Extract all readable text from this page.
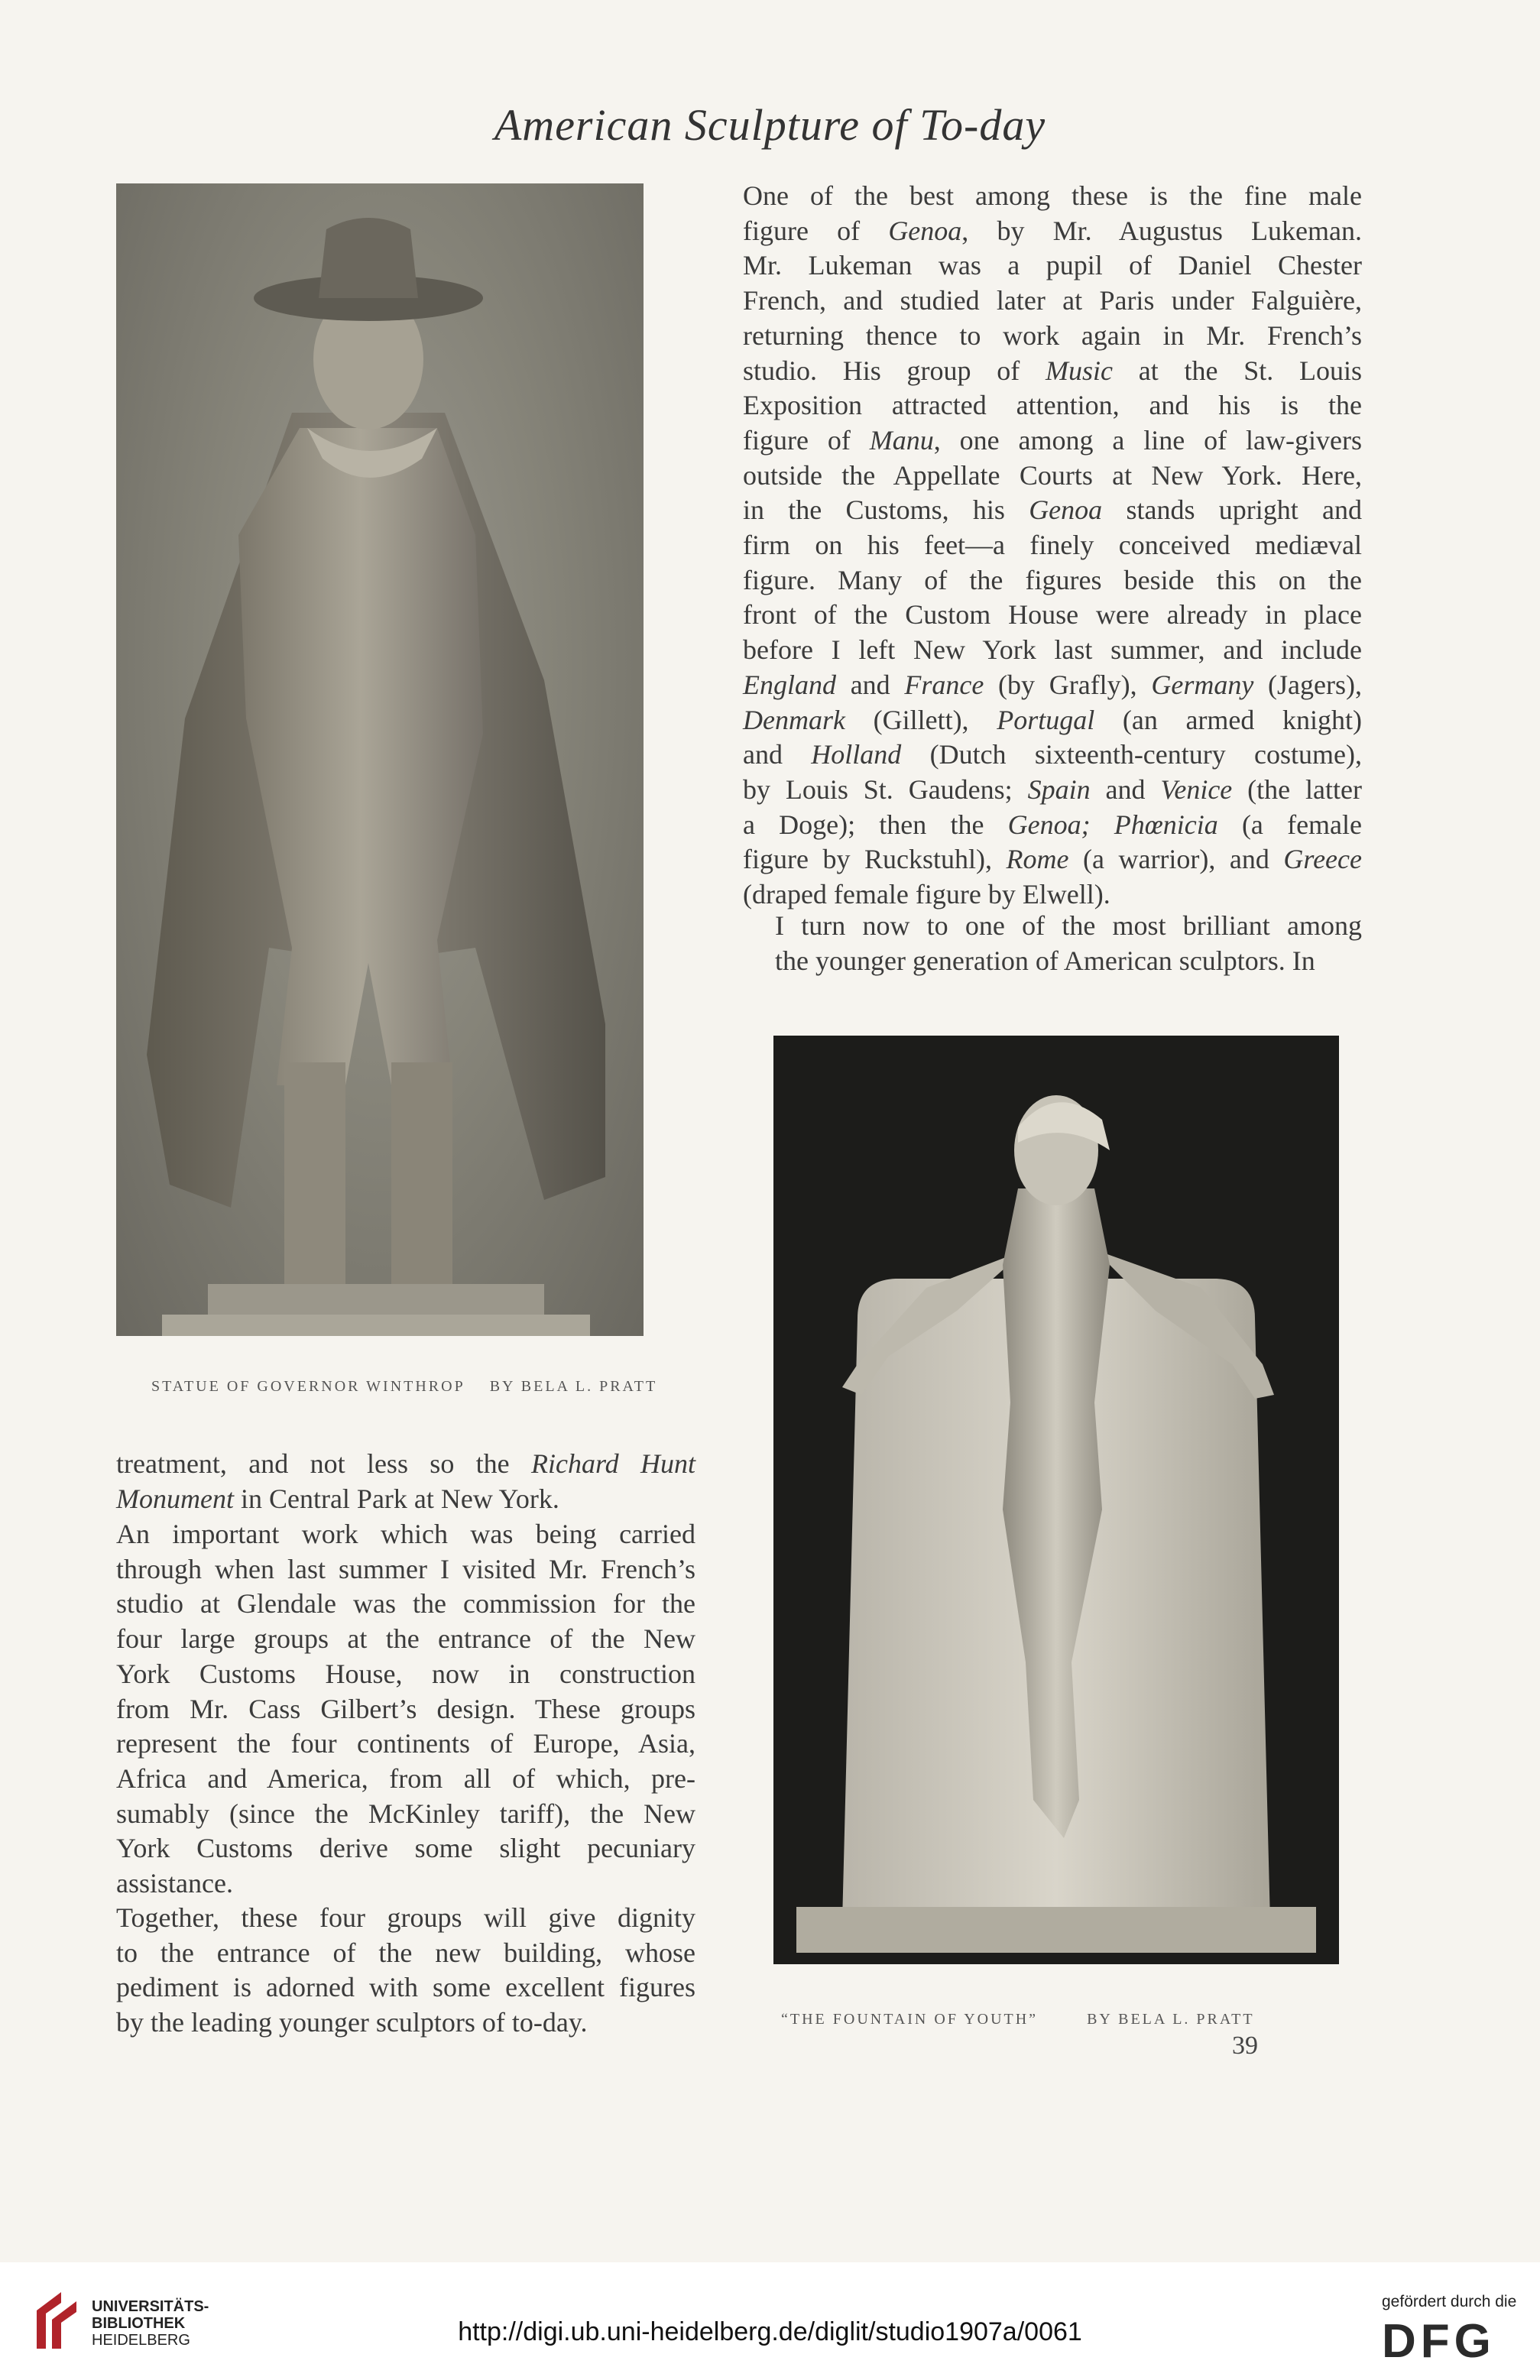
American Sculpture of To-day
STATUE OF GOVERNOR WINTHROP BY BELA L. PRATT
“THE FOUNTAIN OF YOUTH”	BY BELA L. PRATT
One of the best among these is the fine male
figure of Genoa, by Mr. Augustus Lukeman.
Mr. Lukeman was a pupil of Daniel Chester
French, and studied later at Paris under Falguière,
returning thence to work again in Mr. French’s
studio. His group of Music at the St. Louis
Exposition attracted attention, and his is the
figure of Manu, one among a line of law-givers
outside the Appellate Courts at New York. Here,
in the Customs, his Genoa stands upright and
firm on his feet—a finely conceived mediæval
figure. Many of the figures beside this on the
front of the Custom House were already in place
before I left New York last summer, and include
England and France (by Grafly), Germany (Jagers),
Denmark (Gillett), Portugal (an armed knight)
and Holland (Dutch sixteenth-century costume),
by Louis St. Gaudens; Spain and Venice (the latter
a Doge); then the Genoa; Phœnicia (a female
figure by Ruckstuhl), Rome (a warrior), and Greece
(draped female figure by Elwell).
I turn now to one of the most brilliant among
the younger generation of American sculptors. In
treatment, and not less so the Richard Hunt
Monument in Central Park at New York.
An important work which was being carried
through when last summer I visited Mr. French’s
studio at Glendale was the commission for the
four large groups at the entrance of the New
York Customs House, now in construction
from Mr. Cass Gilbert’s design. These groups
represent the four continents of Europe, Asia,
Africa and America, from all of which, pre-
sumably (since the McKinley tariff), the New
York Customs derive some slight pecuniary
assistance.
Together, these four groups will give dignity
to the entrance of the new building, whose
pediment is adorned with some excellent figures
by the leading younger sculptors of to-day.
39
UNIVERSITÄTS-
BIBLIOTHEK
HEIDELBERG	http://digi.ub.uni-heidelberg.de/diglit/studio1907a/0061
gefördert durch die
DFG
